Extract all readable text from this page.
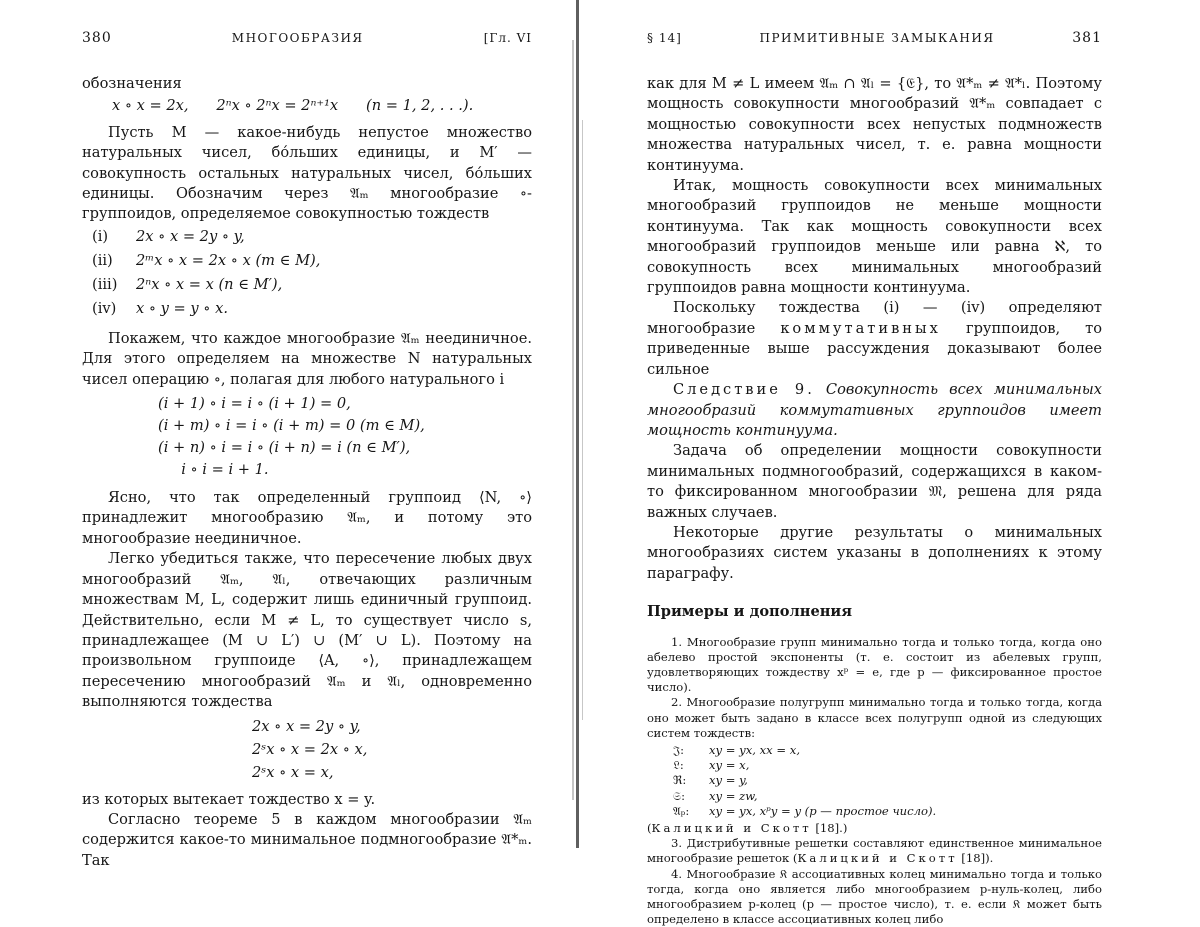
380	МНОГООБРАЗИЯ	[Гл. VI

обозначения

x ∘ x = 2x,      2ⁿx ∘ 2ⁿx = 2ⁿ⁺¹x      (n = 1, 2, . . .).

Пусть M — какое-нибудь непустое множество натуральных чисел, бо́льших единицы, и M′ — совокупность остальных натуральных чисел, бо́льших единицы. Обозначим через 𝔄ₘ многообразие ∘-группоидов, определяемое совокупностью тождеств

(i)	2x ∘ x = 2y ∘ y,
(ii)	2ᵐx ∘ x = 2x ∘ x (m ∈ M),
(iii)	2ⁿx ∘ x = x (n ∈ M′),
(iv)	x ∘ y = y ∘ x.

Покажем, что каждое многообразие 𝔄ₘ неединичное. Для этого определяем на множестве N натуральных чисел операцию ∘, полагая для любого натурального i

(i + 1) ∘ i = i ∘ (i + 1) = 0,
(i + m) ∘ i = i ∘ (i + m) = 0 (m ∈ M),
(i + n) ∘ i = i ∘ (i + n) = i (n ∈ M′),
i ∘ i = i + 1.

Ясно, что так определенный группоид ⟨N, ∘⟩ принадлежит многообразию 𝔄ₘ, и потому это многообразие неединичное.

Легко убедиться также, что пересечение любых двух многообразий 𝔄ₘ, 𝔄ₗ, отвечающих различным множествам M, L, содержит лишь единичный группоид. Действительно, если M ≠ L, то существует число s, принадлежащее (M ∪ L′) ∪ (M′ ∪ L). Поэтому на произвольном группоиде ⟨A, ∘⟩, принадлежащем пересечению многообразий 𝔄ₘ и 𝔄ₗ, одновременно выполняются тождества

2x ∘ x = 2y ∘ y,
2ˢx ∘ x = 2x ∘ x,
2ˢx ∘ x = x,

из которых вытекает тождество x = y.

Согласно теореме 5 в каждом многообразии 𝔄ₘ содержится какое-то минимальное подмногообразие 𝔄*ₘ. Так

§ 14]	ПРИМИТИВНЫЕ ЗАМЫКАНИЯ	381

как для M ≠ L имеем 𝔄ₘ ∩ 𝔄ₗ = {𝔈}, то 𝔄*ₘ ≠ 𝔄*ₗ. Поэтому мощность совокупности многообразий 𝔄*ₘ совпадает с мощностью совокупности всех непустых подмножеств множества натуральных чисел, т. е. равна мощности континуума.

Итак, мощность совокупности всех минимальных многообразий группоидов не меньше мощности континуума. Так как мощность совокупности всех многообразий группоидов меньше или равна ℵ, то совокупность всех минимальных многообразий группоидов равна мощности континуума.

Поскольку тождества (i) — (iv) определяют многообразие коммутативных группоидов, то приведенные выше рассуждения доказывают более сильное

Следствие 9. Совокупность всех минимальных многообразий коммутативных группоидов имеет мощность континуума.

Задача об определении мощности совокупности минимальных подмногообразий, содержащихся в каком-то фиксированном многообразии 𝔐, решена для ряда важных случаев.

Некоторые другие результаты о минимальных многообразиях систем указаны в дополнениях к этому параграфу.

Примеры и дополнения

1. Многообразие групп минимально тогда и только тогда, когда оно абелево простой экспоненты (т. е. состоит из абелевых групп, удовлетворяющих тождеству xᵖ = e, где p — фиксированное простое число).

2. Многообразие полугрупп минимально тогда и только тогда, когда оно может быть задано в классе всех полугрупп одной из следующих систем тождеств:

𝔍:	xy = yx, xx = x,
𝔏:	xy = x,
ℜ:	xy = y,
𝔖:	xy = zw,
𝔄ₚ:	xy = yx, xᵖy = y (p — простое число).

(Калицкий и Скотт [18].)

3. Дистрибутивные решетки составляют единственное минимальное многообразие решеток (Калицкий и Скотт [18]).

4. Многообразие 𝔎 ассоциативных колец минимально тогда и только тогда, когда оно является либо многообразием p-нуль-колец, либо многообразием p-колец (p — простое число), т. е. если 𝔎 может быть определено в классе ассоциативных колец либо
